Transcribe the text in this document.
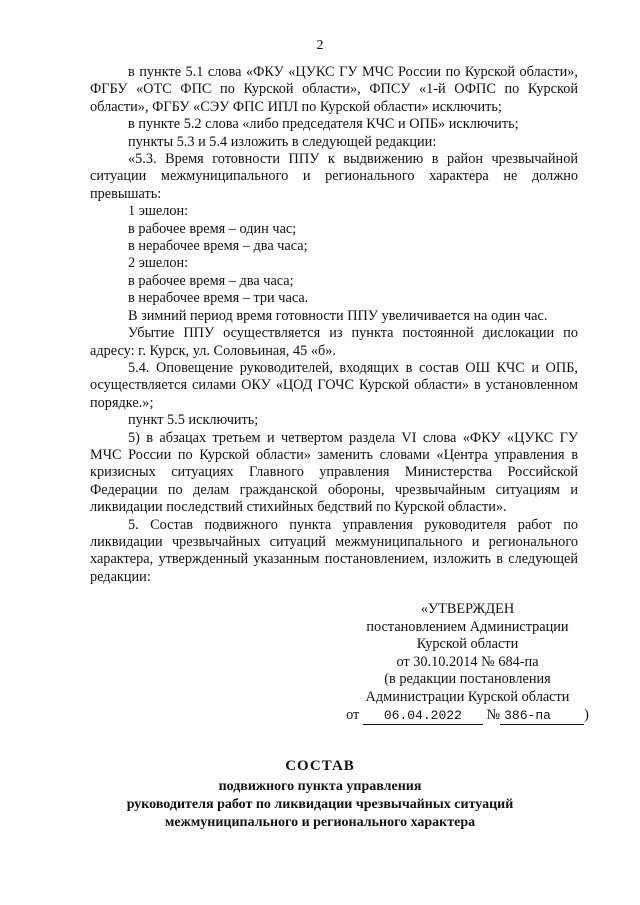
2

в пункте 5.1 слова «ФКУ «ЦУКС ГУ МЧС России по Курской области», ФГБУ «ОТС ФПС по Курской области», ФПСУ «1-й ОФПС по Курской области», ФГБУ «СЭУ ФПС ИПЛ по Курской области» исключить;

в пункте 5.2 слова «либо председателя КЧС и ОПБ» исключить;

пункты 5.3 и 5.4 изложить в следующей редакции:

«5.3. Время готовности ППУ к выдвижению в район чрезвычайной ситуации межмуниципального и регионального характера не должно превышать:

1 эшелон:

в рабочее время – один час;

в нерабочее время – два часа;

2 эшелон:

в рабочее время – два часа;

в нерабочее время – три часа.

В зимний период время готовности ППУ увеличивается на один час.

Убытие ППУ осуществляется из пункта постоянной дислокации по адресу: г. Курск, ул. Соловьиная, 45 «б».

5.4. Оповещение руководителей, входящих в состав ОШ КЧС и ОПБ, осуществляется силами ОКУ «ЦОД ГОЧС Курской области» в установленном порядке.»;

пункт 5.5 исключить;

5) в абзацах третьем и четвертом раздела VI слова «ФКУ «ЦУКС ГУ МЧС России по Курской области» заменить словами «Центра управления в кризисных ситуациях Главного управления Министерства Российской Федерации по делам гражданской обороны, чрезвычайным ситуациям и ликвидации последствий стихийных бедствий по Курской области».

5. Состав подвижного пункта управления руководителя работ по ликвидации чрезвычайных ситуаций межмуниципального и регионального характера, утвержденный указанным постановлением, изложить в следующей редакции:

«УТВЕРЖДЕН
постановлением Администрации
Курской области
от 30.10.2014 № 684-па
(в редакции постановления
Администрации Курской области
от 06.04.2022 № 386-па )
СОСТАВ
подвижного пункта управления
руководителя работ по ликвидации чрезвычайных ситуаций
межмуниципального и регионального характера
